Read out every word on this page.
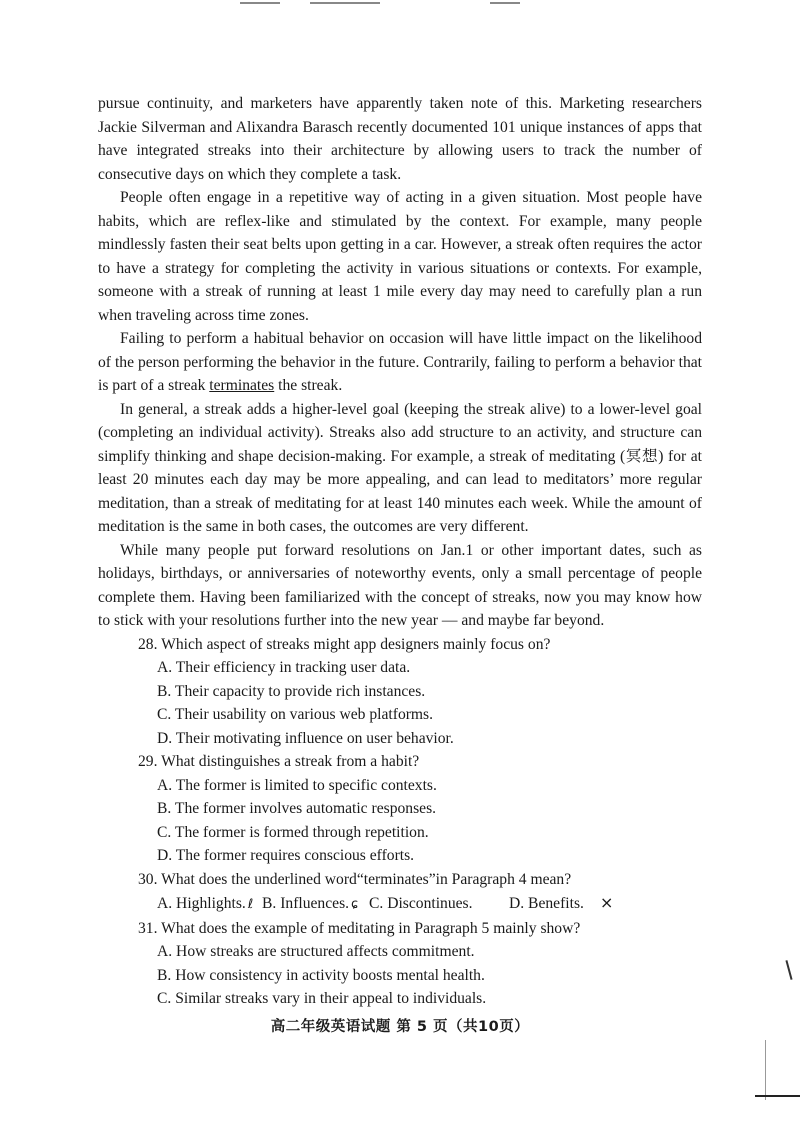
pursue continuity, and marketers have apparently taken note of this. Marketing researchers Jackie Silverman and Alixandra Barasch recently documented 101 unique instances of apps that have integrated streaks into their architecture by allowing users to track the number of consecutive days on which they complete a task.

People often engage in a repetitive way of acting in a given situation. Most people have habits, which are reflex-like and stimulated by the context. For example, many people mindlessly fasten their seat belts upon getting in a car. However, a streak often requires the actor to have a strategy for completing the activity in various situations or contexts. For example, someone with a streak of running at least 1 mile every day may need to carefully plan a run when traveling across time zones.

Failing to perform a habitual behavior on occasion will have little impact on the likelihood of the person performing the behavior in the future. Contrarily, failing to perform a behavior that is part of a streak terminates the streak.

In general, a streak adds a higher-level goal (keeping the streak alive) to a lower-level goal (completing an individual activity). Streaks also add structure to an activity, and structure can simplify thinking and shape decision-making. For example, a streak of meditating (冥想) for at least 20 minutes each day may be more appealing, and can lead to meditators’ more regular meditation, than a streak of meditating for at least 140 minutes each week. While the amount of meditation is the same in both cases, the outcomes are very different.

While many people put forward resolutions on Jan.1 or other important dates, such as holidays, birthdays, or anniversaries of noteworthy events, only a small percentage of people complete them. Having been familiarized with the concept of streaks, now you may know how to stick with your resolutions further into the new year — and maybe far beyond.

28. Which aspect of streaks might app designers mainly focus on?
A. Their efficiency in tracking user data.
B. Their capacity to provide rich instances.
C. Their usability on various web platforms.
D. Their motivating influence on user behavior.
29. What distinguishes a streak from a habit?
A. The former is limited to specific contexts.
B. The former involves automatic responses.
C. The former is formed through repetition.
D. The former requires conscious efforts.
30. What does the underlined word“terminates”in Paragraph 4 mean?
A. Highlights. ℓ B. Influences. ɕ C. Discontinues.	D. Benefits. ×
31. What does the example of meditating in Paragraph 5 mainly show?
A. How streaks are structured affects commitment.
B. How consistency in activity boosts mental health.
C. Similar streaks vary in their appeal to individuals.
高二年级英语试题 第 5 页（共10页）
